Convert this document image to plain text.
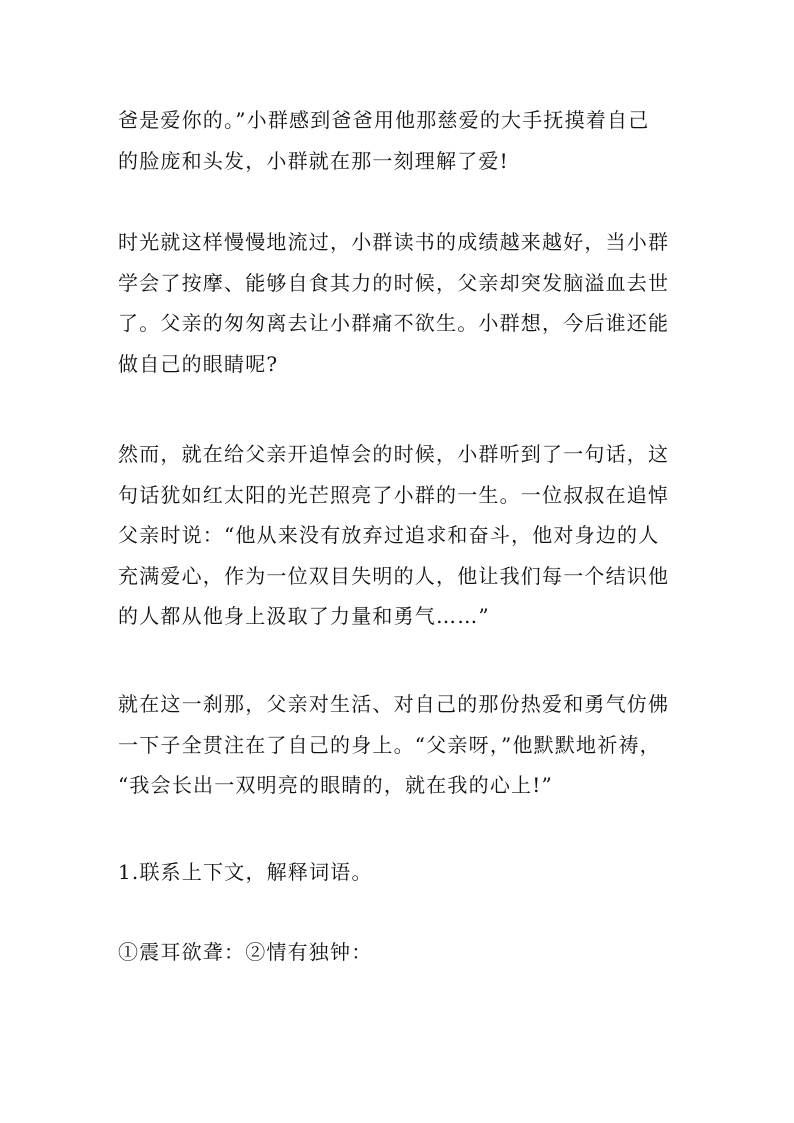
爸是爱你的。”小群感到爸爸用他那慈爱的大手抚摸着自己
的脸庞和头发，小群就在那一刻理解了爱!
时光就这样慢慢地流过，小群读书的成绩越来越好，当小群
学会了按摩、能够自食其力的时候，父亲却突发脑溢血去世
了。父亲的匆匆离去让小群痛不欲生。小群想，今后谁还能
做自己的眼睛呢?
然而，就在给父亲开追悼会的时候，小群听到了一句话，这
句话犹如红太阳的光芒照亮了小群的一生。一位叔叔在追悼
父亲时说：“他从来没有放弃过追求和奋斗，他对身边的人
充满爱心，作为一位双目失明的人，他让我们每一个结识他
的人都从他身上汲取了力量和勇气……”
就在这一刹那，父亲对生活、对自己的那份热爱和勇气仿佛
一下子全贯注在了自己的身上。“父亲呀，”他默默地祈祷，
“我会长出一双明亮的眼睛的，就在我的心上!”
1.联系上下文，解释词语。
①震耳欲聋：②情有独钟：
